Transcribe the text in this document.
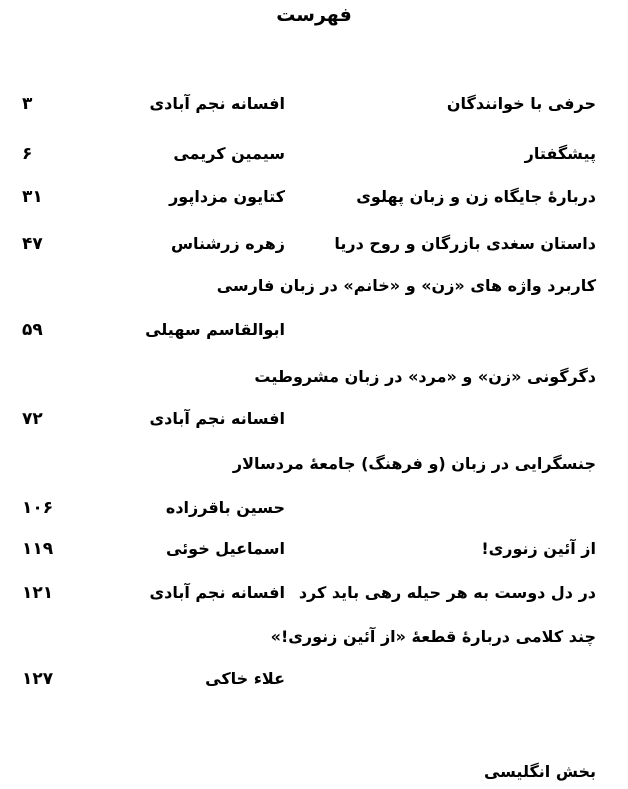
فهرست
حرفی با خوانندگان
افسانه نجم آبادی
۳
پیشگفتار
سیمین کریمی
۶
دربارۀ جایگاه زن و زبان پهلوی
کتایون مزداپور
۳۱
داستان سغدی بازرگان و روح دریا
زهره زرشناس
۴۷
کاربرد واژه های «زن» و «خانم» در زبان فارسی
ابوالقاسم سهیلی
۵۹
دگرگونی «زن» و «مرد» در زبان مشروطیت
افسانه نجم آبادی
۷۲
جنسگرایی در زبان (و فرهنگ) جامعۀ مردسالار
حسین باقرزاده
۱۰۶
از آئین زنوری!
اسماعیل خوئی
۱۱۹
در دل دوست به هر حیله رهی باید کرد
افسانه نجم آبادی
۱۲۱
چند کلامی دربارۀ قطعۀ «از آئین زنوری!»
علاء خاکی
۱۲۷
بخش انگلیسی
